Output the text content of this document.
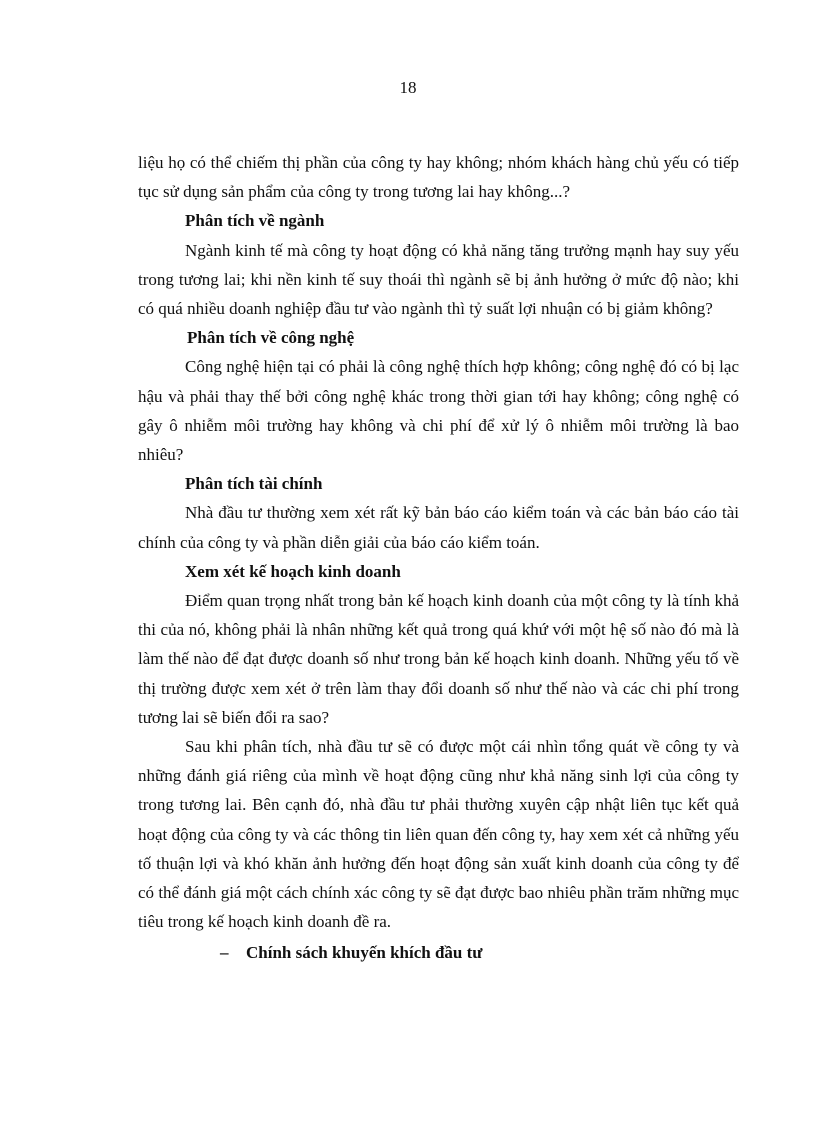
18

liệu họ có thể chiếm thị phần của công ty hay không; nhóm khách hàng chủ yếu có tiếp tục sử dụng sản phẩm của công ty trong tương lai hay không...?

Phân tích về ngành

Ngành kinh tế mà công ty hoạt động có khả năng tăng trưởng mạnh hay suy yếu trong tương lai; khi nền kinh tế suy thoái thì ngành sẽ bị ảnh hưởng ở mức độ nào; khi có quá nhiều doanh nghiệp đầu tư vào ngành thì tỷ suất lợi nhuận có bị giảm không?

Phân tích về công nghệ

Công nghệ hiện tại có phải là công nghệ thích hợp không; công nghệ đó có bị lạc hậu và phải thay thế bởi công nghệ khác trong thời gian tới hay không; công nghệ có gây ô nhiễm môi trường hay không và chi phí để xử lý ô nhiễm môi trường là bao nhiêu?

Phân tích tài chính

Nhà đầu tư thường xem xét rất kỹ bản báo cáo kiểm toán và các bản báo cáo tài chính của công ty và phần diễn giải của báo cáo kiểm toán.

Xem xét kế hoạch kinh doanh

Điểm quan trọng nhất trong bản kế hoạch kinh doanh của một công ty là tính khả thi của nó, không phải là nhân những kết quả trong quá khứ với một hệ số nào đó mà là làm thế nào để đạt được doanh số như trong bản kế hoạch kinh doanh. Những yếu tố về thị trường được xem xét ở trên làm thay đổi doanh số như thế nào và các chi phí trong tương lai sẽ biến đổi ra sao?

Sau khi phân tích, nhà đầu tư sẽ có được một cái nhìn tổng quát về công ty và những đánh giá riêng của mình về hoạt động cũng như khả năng sinh lợi của công ty trong tương lai. Bên cạnh đó, nhà đầu tư phải thường xuyên cập nhật liên tục kết quả hoạt động của công ty và các thông tin liên quan đến công ty, hay xem xét cả những yếu tố thuận lợi và khó khăn ảnh hưởng đến hoạt động sản xuất kinh doanh của công ty để có thể đánh giá một cách chính xác công ty sẽ đạt được bao nhiêu phần trăm những mục tiêu trong kế hoạch kinh doanh đề ra.

– Chính sách khuyến khích đầu tư
